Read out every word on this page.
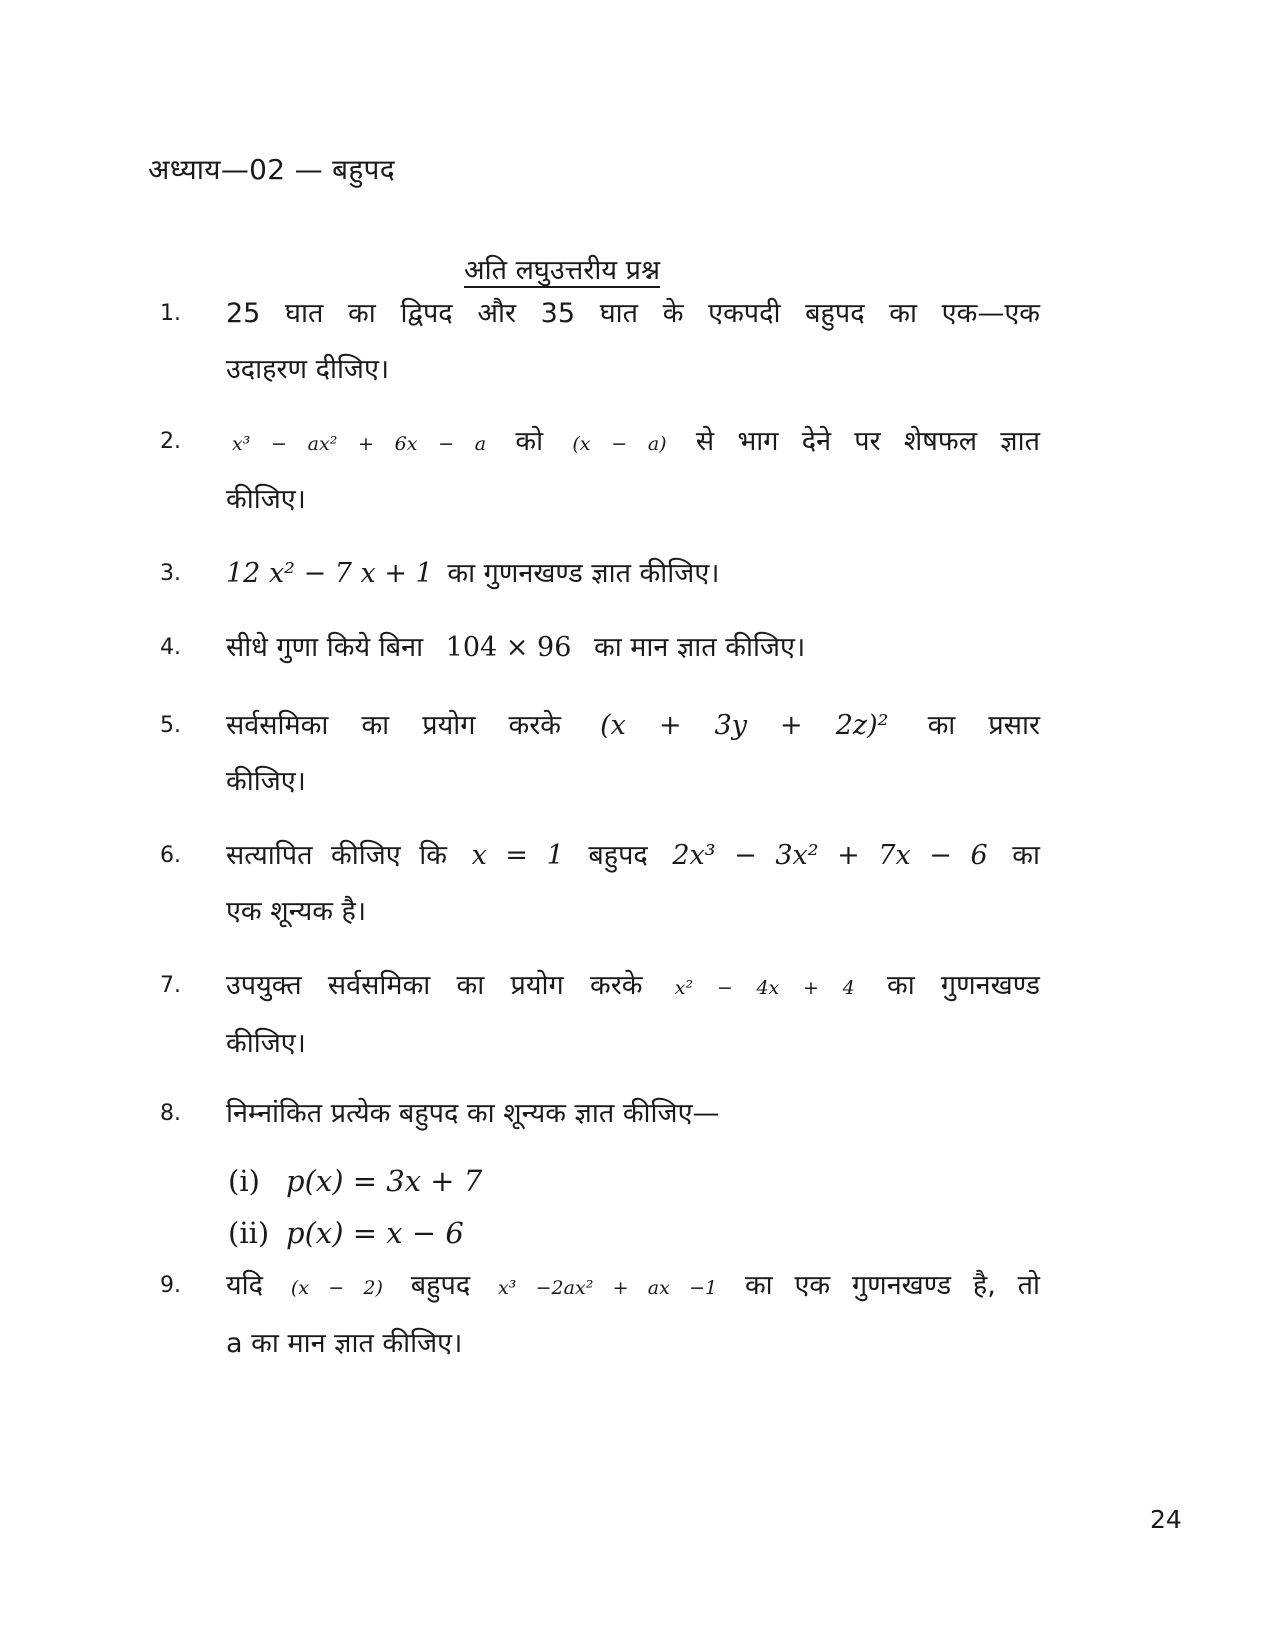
अध्याय—02 — बहुपद
अति लघुउत्तरीय प्रश्न
1.	25 घात का द्विपद और 35 घात के एकपदी बहुपद का एक—एक
उदाहरण दीजिए।
2.	x³ − ax² + 6x − a को (x − a) से भाग देने पर शेषफल ज्ञात
कीजिए।
3.	12 x² − 7 x + 1 का गुणनखण्ड ज्ञात कीजिए।
4.	सीधे गुणा किये बिना 104 × 96 का मान ज्ञात कीजिए।
5.	सर्वसमिका का प्रयोग करके (x + 3y + 2z)² का प्रसार
कीजिए।
6.	सत्यापित कीजिए कि x = 1 बहुपद 2x³ − 3x² + 7x − 6 का
एक शून्यक है।
7.	उपयुक्त सर्वसमिका का प्रयोग करके x² − 4x + 4 का गुणनखण्ड
कीजिए।
8.	निम्नांकित प्रत्येक बहुपद का शून्यक ज्ञात कीजिए—
(i) p(x) = 3x + 7
(ii) p(x) = x − 6
9.	यदि (x − 2) बहुपद x³ −2ax² + ax −1 का एक गुणनखण्ड है, तो
a का मान ज्ञात कीजिए।
24
